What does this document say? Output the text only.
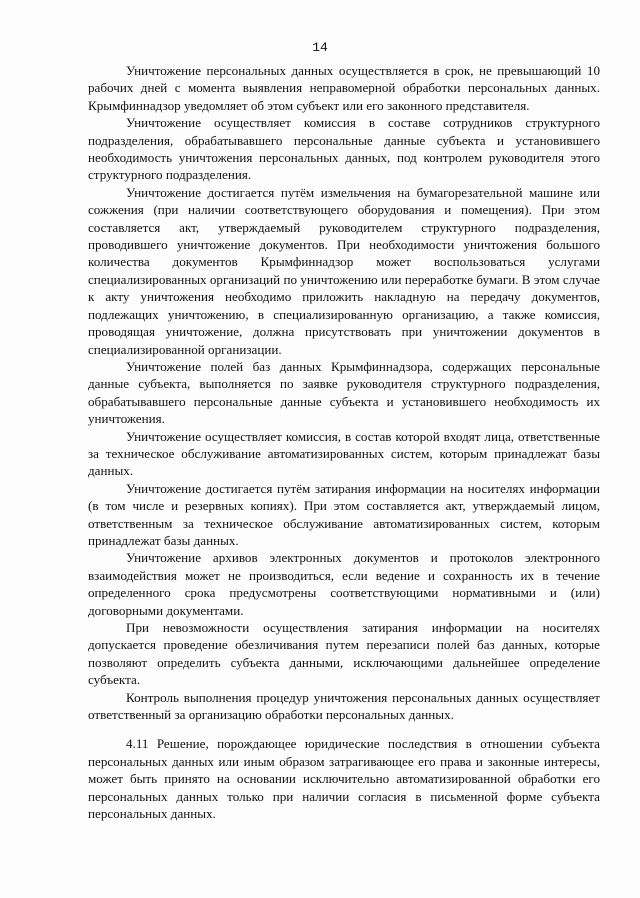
14

Уничтожение персональных данных осуществляется в срок, не превышающий 10 рабочих дней с момента выявления неправомерной обработки персональных данных. Крымфиннадзор уведомляет об этом субъект или его законного представителя.

Уничтожение осуществляет комиссия в составе сотрудников структурного подразделения, обрабатывавшего персональные данные субъекта и установившего необходимость уничтожения персональных данных, под контролем руководителя этого структурного подразделения.

Уничтожение достигается путём измельчения на бумагорезательной машине или сожжения (при наличии соответствующего оборудования и помещения). При этом составляется акт, утверждаемый руководителем структурного подразделения, проводившего уничтожение документов. При необходимости уничтожения большого количества документов Крымфиннадзор может воспользоваться услугами специализированных организаций по уничтожению или переработке бумаги. В этом случае к акту уничтожения необходимо приложить накладную на передачу документов, подлежащих уничтожению, в специализированную организацию, а также комиссия, проводящая уничтожение, должна присутствовать при уничтожении документов в специализированной организации.

Уничтожение полей баз данных Крымфиннадзора, содержащих персональные данные субъекта, выполняется по заявке руководителя структурного подразделения, обрабатывавшего персональные данные субъекта и установившего необходимость их уничтожения.

Уничтожение осуществляет комиссия, в состав которой входят лица, ответственные за техническое обслуживание автоматизированных систем, которым принадлежат базы данных.

Уничтожение достигается путём затирания информации на носителях информации (в том числе и резервных копиях). При этом составляется акт, утверждаемый лицом, ответственным за техническое обслуживание автоматизированных систем, которым принадлежат базы данных.

Уничтожение архивов электронных документов и протоколов электронного взаимодействия может не производиться, если ведение и сохранность их в течение определенного срока предусмотрены соответствующими нормативными и (или) договорными документами.

При невозможности осуществления затирания информации на носителях допускается проведение обезличивания путем перезаписи полей баз данных, которые позволяют определить субъекта данными, исключающими дальнейшее определение субъекта.

Контроль выполнения процедур уничтожения персональных данных осуществляет ответственный за организацию обработки персональных данных.

4.11 Решение, порождающее юридические последствия в отношении субъекта персональных данных или иным образом затрагивающее его права и законные интересы, может быть принято на основании исключительно автоматизированной обработки его персональных данных только при наличии согласия в письменной форме субъекта персональных данных.
